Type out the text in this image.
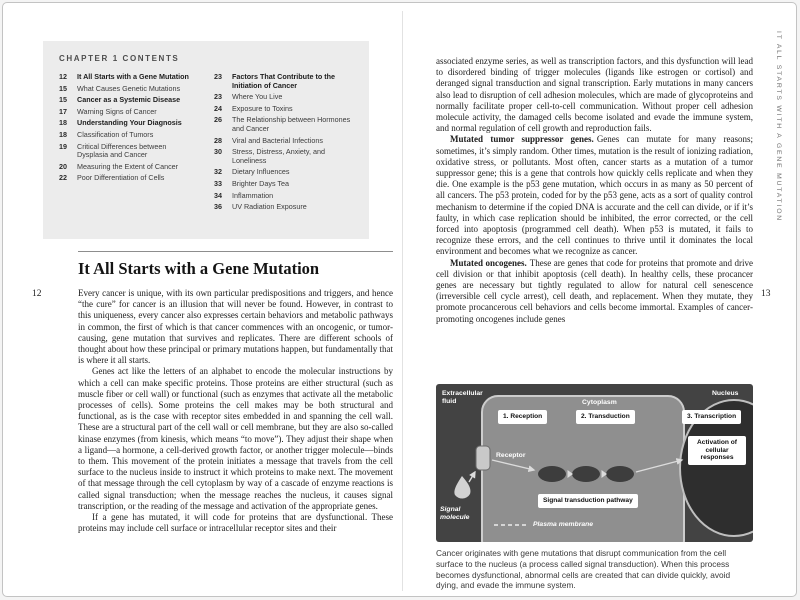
CHAPTER 1 CONTENTS
12	It All Starts with a Gene Mutation
15	What Causes Genetic Mutations
15	Cancer as a Systemic Disease
17	Warning Signs of Cancer
18	Understanding Your Diagnosis
18	Classification of Tumors
19	Critical Differences between Dysplasia and Cancer
20	Measuring the Extent of Cancer
22	Poor Differentiation of Cells
23	Factors That Contribute to the Initiation of Cancer
23	Where You Live
24	Exposure to Toxins
26	The Relationship between Hormones and Cancer
28	Viral and Bacterial Infections
30	Stress, Distress, Anxiety, and Loneliness
32	Dietary Influences
33	Brighter Days Tea
34	Inflammation
36	UV Radiation Exposure
12
It All Starts with a Gene Mutation

Every cancer is unique, with its own particular predispositions and triggers, and hence “the cure” for cancer is an illusion that will never be found. However, in contrast to this uniqueness, every cancer also expresses certain behaviors and metabolic pathways in common, the first of which is that cancer commences with an oncogenic, or tumor-causing, gene mutation that survives and replicates. There are different schools of thought about how these principal or primary mutations happen, but fundamentally that is where it all starts.

Genes act like the letters of an alphabet to encode the molecular instructions by which a cell can make specific proteins. Those proteins are either structural (such as muscle fiber or cell wall) or functional (such as enzymes that activate all the metabolic processes of cells). Some proteins the cell makes may be both structural and functional, as is the case with receptor sites embedded in and spanning the cell wall. These are a structural part of the cell wall or cell membrane, but they are also so-called kinase enzymes (from kinesis, which means “to move”). They adjust their shape when a ligand—a hormone, a cell-derived growth factor, or another trigger molecule—binds to them. This movement of the protein initiates a message that travels from the cell surface to the nucleus inside to instruct it which proteins to make next. The movement of that message through the cell cytoplasm by way of a cascade of enzyme reactions is called signal transduction; when the message reaches the nucleus, it causes signal transcription, or the reading of the message and activation of the appropriate genes.

If a gene has mutated, it will code for proteins that are dysfunctional. These proteins may include cell surface or intracellular receptor sites and their

associated enzyme series, as well as transcription factors, and this dysfunction will lead to disordered binding of trigger molecules (ligands like estrogen or cortisol) and deranged signal transduction and signal transcription. Early mutations in many cancers also lead to disruption of cell adhesion molecules, which are made of glycoproteins and normally facilitate proper cell-to-cell communication. Without proper cell adhesion molecule activity, the damaged cells become isolated and evade the immune system, and normal regulation of cell growth and reproduction fails.

Mutated tumor suppressor genes. Genes can mutate for many reasons; sometimes, it’s simply random. Other times, mutation is the result of ionizing radiation, oxidative stress, or pollutants. Most often, cancer starts as a mutation of a tumor suppressor gene; this is a gene that controls how quickly cells replicate and when they die. One example is the p53 gene mutation, which occurs in as many as 50 percent of all cancers. The p53 protein, coded for by the p53 gene, acts as a sort of quality control mechanism to determine if the copied DNA is accurate and the cell can divide, or if it’s faulty, in which case replication should be inhibited, the error corrected, or the cell forced into apoptosis (programmed cell death). When p53 is mutated, it fails to recognize these errors, and the cell continues to thrive until it dominates the local environment and becomes what we recognize as cancer.

Mutated oncogenes. These are genes that code for proteins that promote and drive cell division or that inhibit apoptosis (cell death). In healthy cells, these procancer genes are necessary but tightly regulated to allow for natural cell senescence (irreversible cell cycle arrest), cell death, and replacement. When they mutate, they promote procancerous cell behaviors and cells become immortal. Examples of cancer-promoting oncogenes include genes

Extracellular fluid	Cytoplasm
Nucleus
Receptor
Signal molecule
Plasma membrane
1. Reception	2. Transduction	3. Transcription
Activation of cellular responses
Signal transduction pathway
Cancer originates with gene mutations that disrupt communication from the cell surface to the nucleus (a process called signal transduction). When this process becomes dysfunctional, abnormal cells are created that can divide quickly, avoid dying, and evade the immune system.
13
IT ALL STARTS WITH A GENE MUTATION
